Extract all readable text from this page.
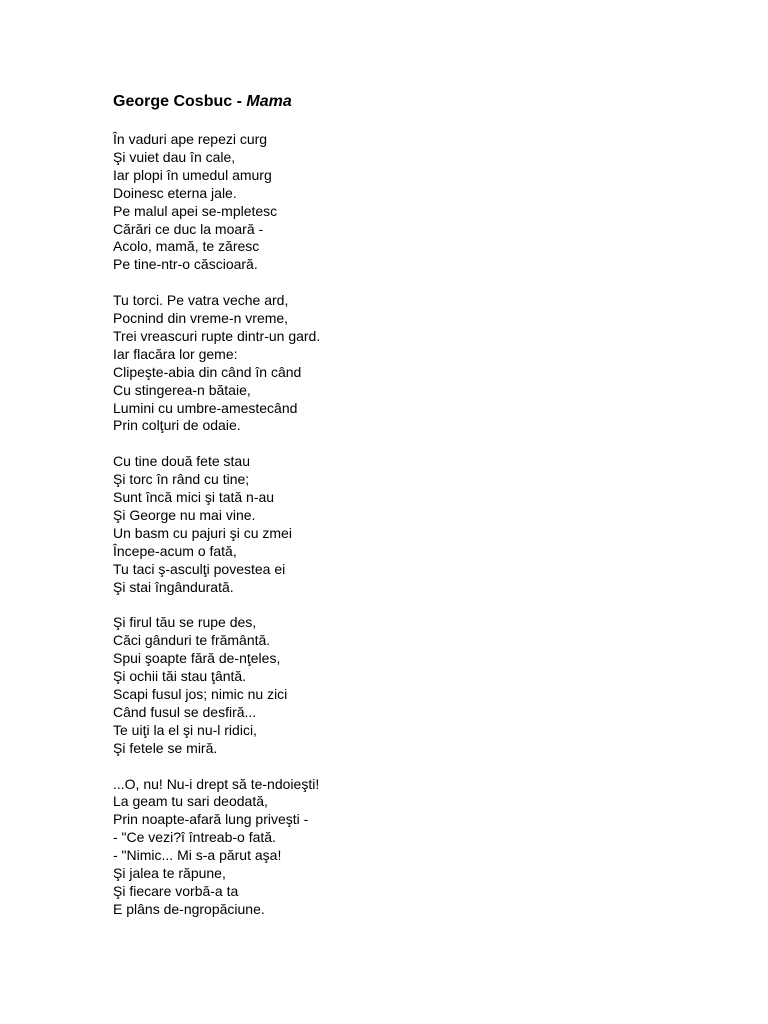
George Cosbuc - Mama
În vaduri ape repezi curg
Şi vuiet dau în cale,
Iar plopi în umedul amurg
Doinesc eterna jale.
Pe malul apei se-mpletesc
Cărări ce duc la moară -
Acolo, mamă, te zăresc
Pe tine-ntr-o căscioară.
Tu torci. Pe vatra veche ard,
Pocnind din vreme-n vreme,
Trei vreascuri rupte dintr-un gard.
Iar flacăra lor geme:
Clipeşte-abia din când în când
Cu stingerea-n bătaie,
Lumini cu umbre-amestecând
Prin colţuri de odaie.
Cu tine două fete stau
Şi torc în rând cu tine;
Sunt încă mici şi tată n-au
Şi George nu mai vine.
Un basm cu pajuri şi cu zmei
Începe-acum o fată,
Tu taci ş-asculţi povestea ei
Şi stai îngândurată.
Şi firul tău se rupe des,
Căci gânduri te frământă.
Spui şoapte fără de-nţeles,
Şi ochii tăi stau ţântă.
Scapi fusul jos; nimic nu zici
Când fusul se desfiră...
Te uiţi la el şi nu-l ridici,
Şi fetele se miră.
...O, nu! Nu-i drept să te-ndoieşti!
La geam tu sari deodată,
Prin noapte-afară lung priveşti -
- "Ce vezi?î întreab-o fată.
- "Nimic... Mi s-a părut aşa!
Şi jalea te răpune,
Şi fiecare vorbă-a ta
E plâns de-ngropăciune.
